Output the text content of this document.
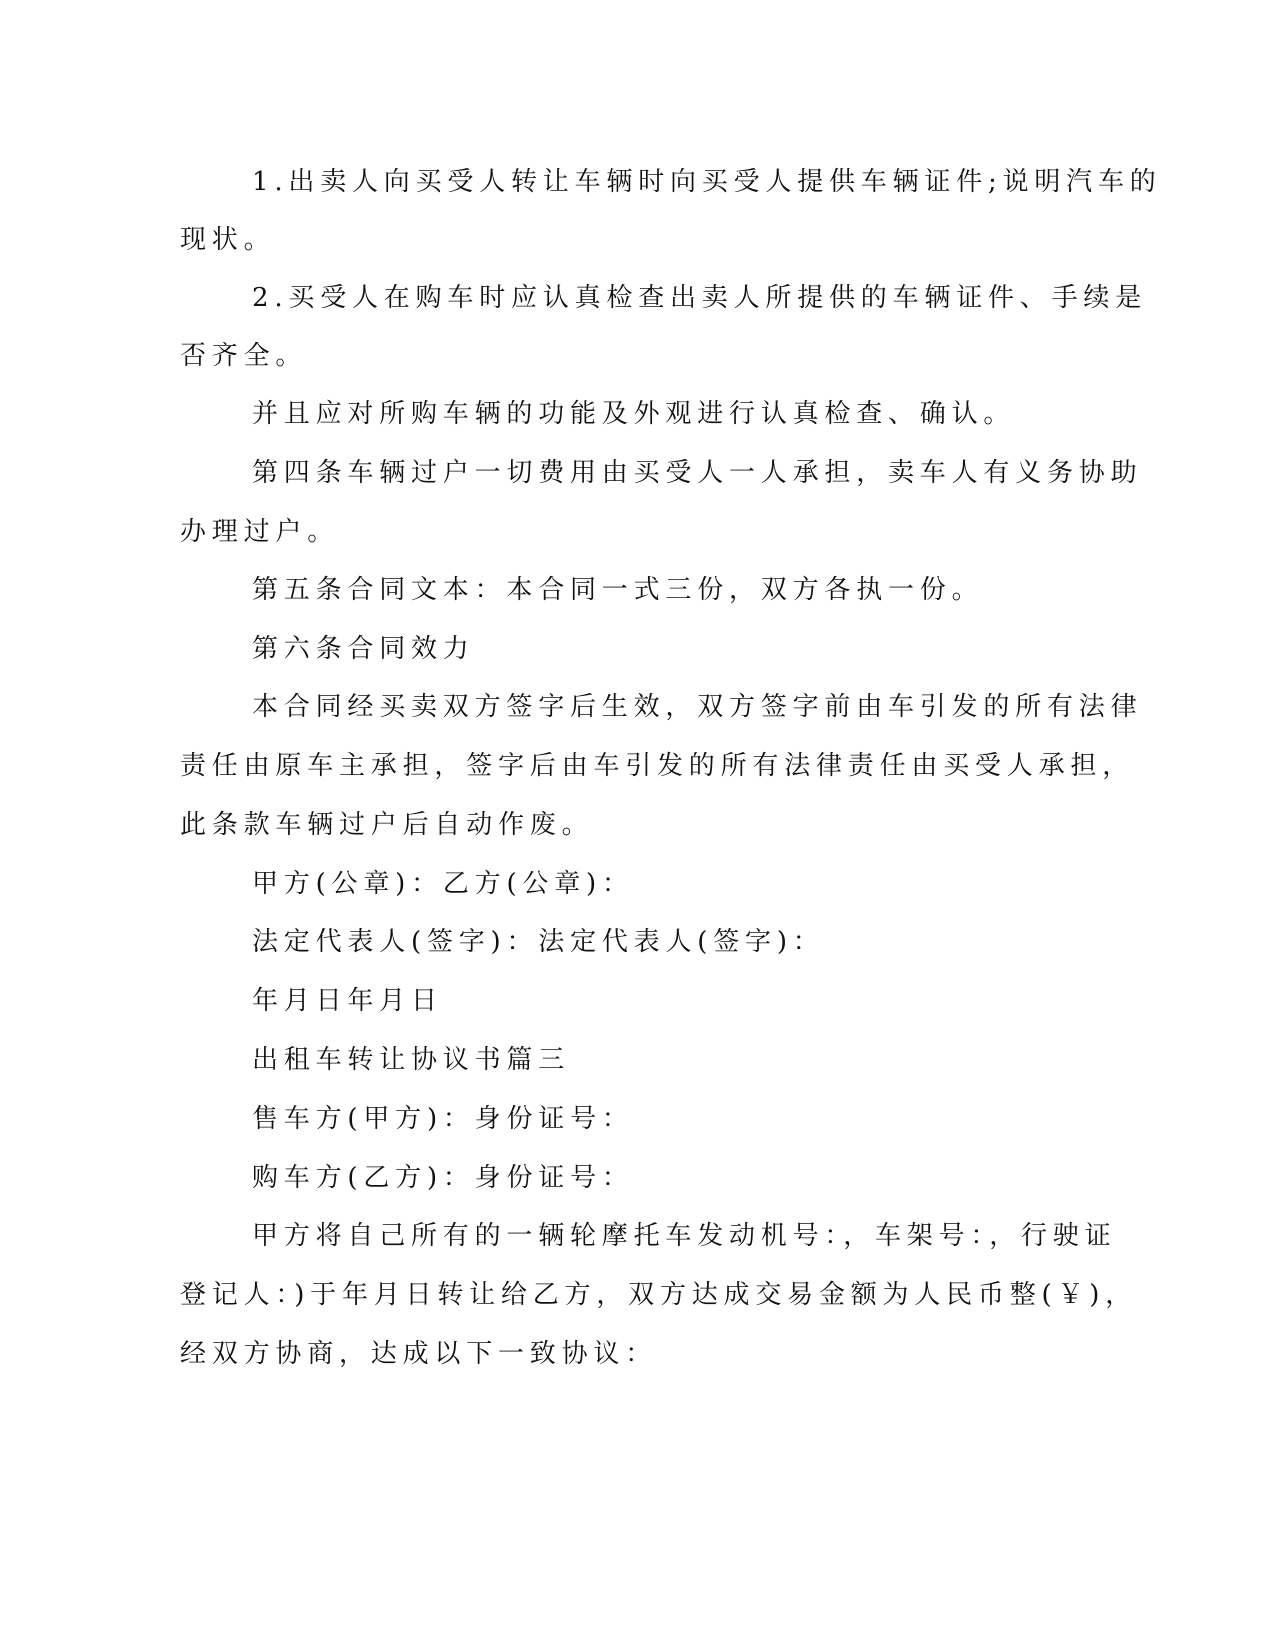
1.出卖人向买受人转让车辆时向买受人提供车辆证件;说明汽车的
现状。
2.买受人在购车时应认真检查出卖人所提供的车辆证件、手续是
否齐全。
并且应对所购车辆的功能及外观进行认真检查、确认。
第四条车辆过户一切费用由买受人一人承担，卖车人有义务协助
办理过户。
第五条合同文本：本合同一式三份，双方各执一份。
第六条合同效力
本合同经买卖双方签字后生效，双方签字前由车引发的所有法律
责任由原车主承担，签字后由车引发的所有法律责任由买受人承担，
此条款车辆过户后自动作废。
甲方(公章)：乙方(公章)：
法定代表人(签字)：法定代表人(签字)：
年月日年月日
出租车转让协议书篇三
售车方(甲方)：身份证号：
购车方(乙方)：身份证号：
甲方将自己所有的一辆轮摩托车发动机号：，车架号：，行驶证
登记人：)于年月日转让给乙方，双方达成交易金额为人民币整(￥)，
经双方协商，达成以下一致协议：
